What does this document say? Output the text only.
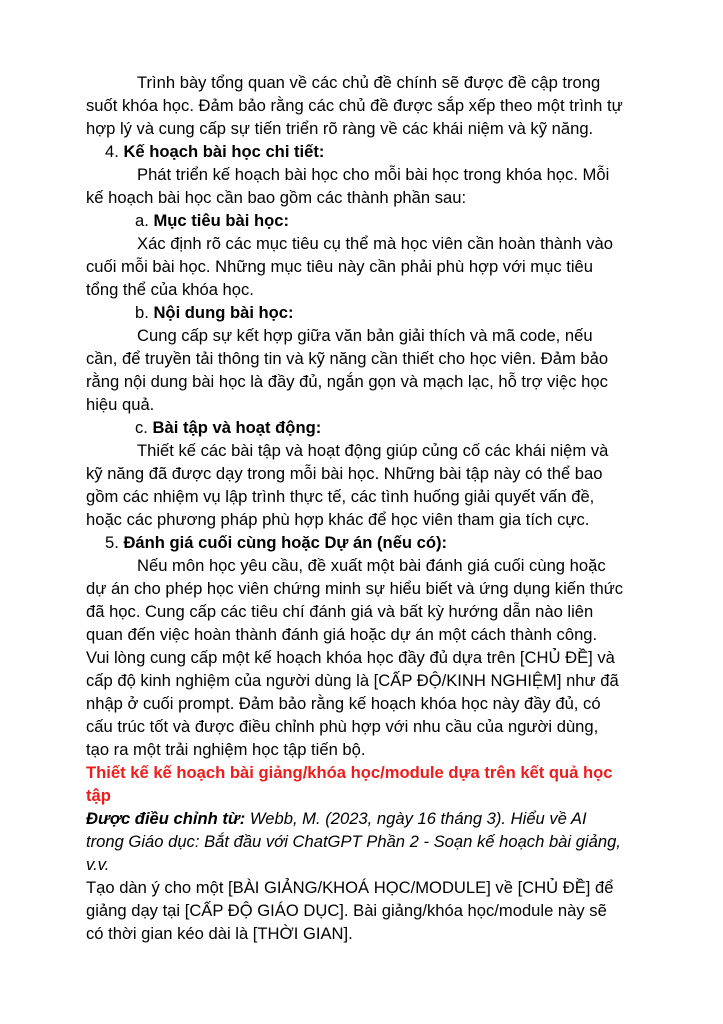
Trình bày tổng quan về các chủ đề chính sẽ được đề cập trong

suốt khóa học. Đảm bảo rằng các chủ đề được sắp xếp theo một trình tự

hợp lý và cung cấp sự tiến triển rõ ràng về các khái niệm và kỹ năng.

4. Kế hoạch bài học chi tiết:

Phát triển kế hoạch bài học cho mỗi bài học trong khóa học. Mỗi

kế hoạch bài học cần bao gồm các thành phần sau:

a. Mục tiêu bài học:

Xác định rõ các mục tiêu cụ thể mà học viên cần hoàn thành vào

cuối mỗi bài học. Những mục tiêu này cần phải phù hợp với mục tiêu

tổng thể của khóa học.

b. Nội dung bài học:

Cung cấp sự kết hợp giữa văn bản giải thích và mã code, nếu

cần, để truyền tải thông tin và kỹ năng cần thiết cho học viên. Đảm bảo

rằng nội dung bài học là đầy đủ, ngắn gọn và mạch lạc, hỗ trợ việc học

hiệu quả.

c. Bài tập và hoạt động:

Thiết kế các bài tập và hoạt động giúp củng cố các khái niệm và

kỹ năng đã được dạy trong mỗi bài học. Những bài tập này có thể bao

gồm các nhiệm vụ lập trình thực tế, các tình huống giải quyết vấn đề,

hoặc các phương pháp phù hợp khác để học viên tham gia tích cực.

5. Đánh giá cuối cùng hoặc Dự án (nếu có):

Nếu môn học yêu cầu, đề xuất một bài đánh giá cuối cùng hoặc

dự án cho phép học viên chứng minh sự hiểu biết và ứng dụng kiến thức

đã học. Cung cấp các tiêu chí đánh giá và bất kỳ hướng dẫn nào liên

quan đến việc hoàn thành đánh giá hoặc dự án một cách thành công.

Vui lòng cung cấp một kế hoạch khóa học đầy đủ dựa trên [CHỦ ĐỀ] và

cấp độ kinh nghiệm của người dùng là [CẤP ĐỘ/KINH NGHIỆM] như đã

nhập ở cuối prompt. Đảm bảo rằng kế hoạch khóa học này đầy đủ, có

cấu trúc tốt và được điều chỉnh phù hợp với nhu cầu của người dùng,

tạo ra một trải nghiệm học tập tiến bộ.

Thiết kế kế hoạch bài giảng/khóa học/module dựa trên kết quả học

tập

Được điều chỉnh từ: Webb, M. (2023, ngày 16 tháng 3). Hiểu về AI

trong Giáo dục: Bắt đầu với ChatGPT Phần 2 - Soạn kế hoạch bài giảng,

v.v.

Tạo dàn ý cho một [BÀI GIẢNG/KHOÁ HỌC/MODULE] về [CHỦ ĐỀ] để

giảng dạy tại [CẤP ĐỘ GIÁO DỤC]. Bài giảng/khóa học/module này sẽ

có thời gian kéo dài là [THỜI GIAN].
